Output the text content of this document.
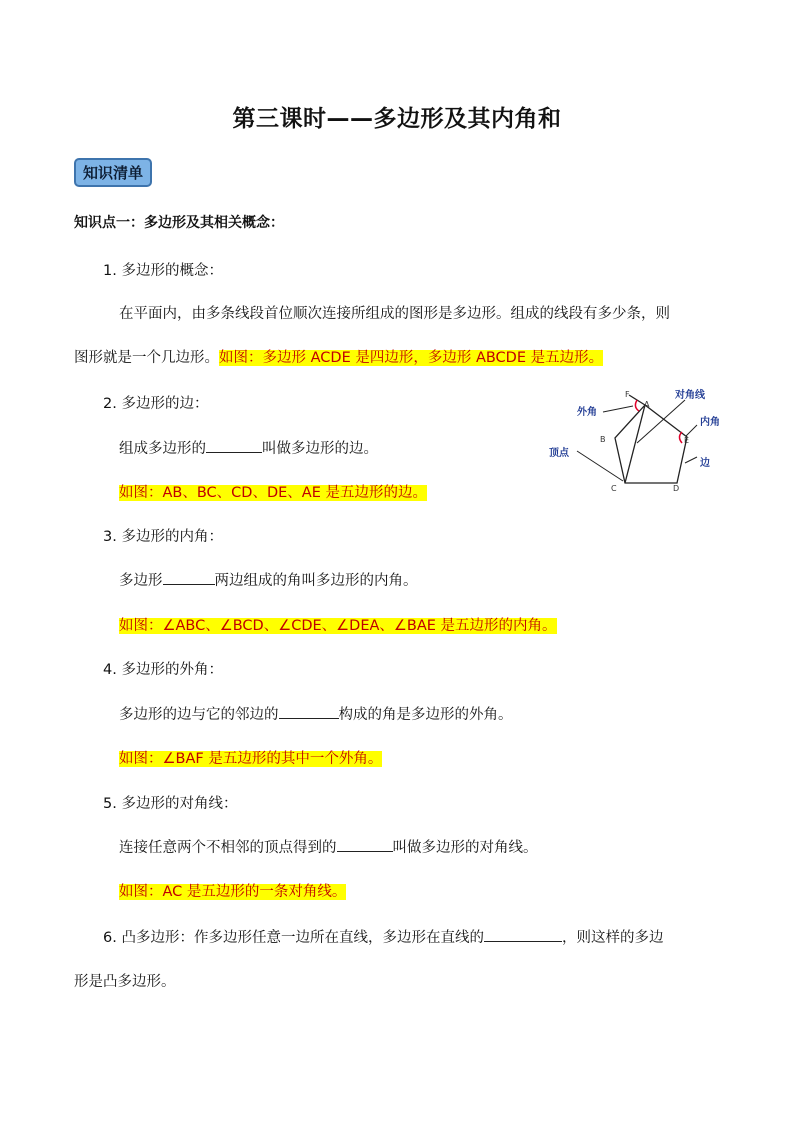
第三课时——多边形及其内角和
知识清单
知识点一：多边形及其相关概念：
1. 多边形的概念：
在平面内，由多条线段首位顺次连接所组成的图形是多边形。组成的线段有多少条，则
图形就是一个几边形。如图：多边形 ACDE 是四边形，多边形 ABCDE 是五边形。
2. 多边形的边：
组成多边形的	叫做多边形的边。
如图：AB、BC、CD、DE、AE 是五边形的边。
3. 多边形的内角：
多边形	两边组成的角叫多边形的内角。
如图：∠ABC、∠BCD、∠CDE、∠DEA、∠BAE 是五边形的内角。
4. 多边形的外角：
多边形的边与它的邻边的	构成的角是多边形的外角。
如图：∠BAF 是五边形的其中一个外角。
5. 多边形的对角线：
连接任意两个不相邻的顶点得到的	叫做多边形的对角线。
如图：AC 是五边形的一条对角线。
6. 凸多边形：作多边形任意一边所在直线，多边形在直线的	，则这样的多边
形是凸多边形。
F
A
B
C	D
E
外角
对角线
内角
顶点
边
